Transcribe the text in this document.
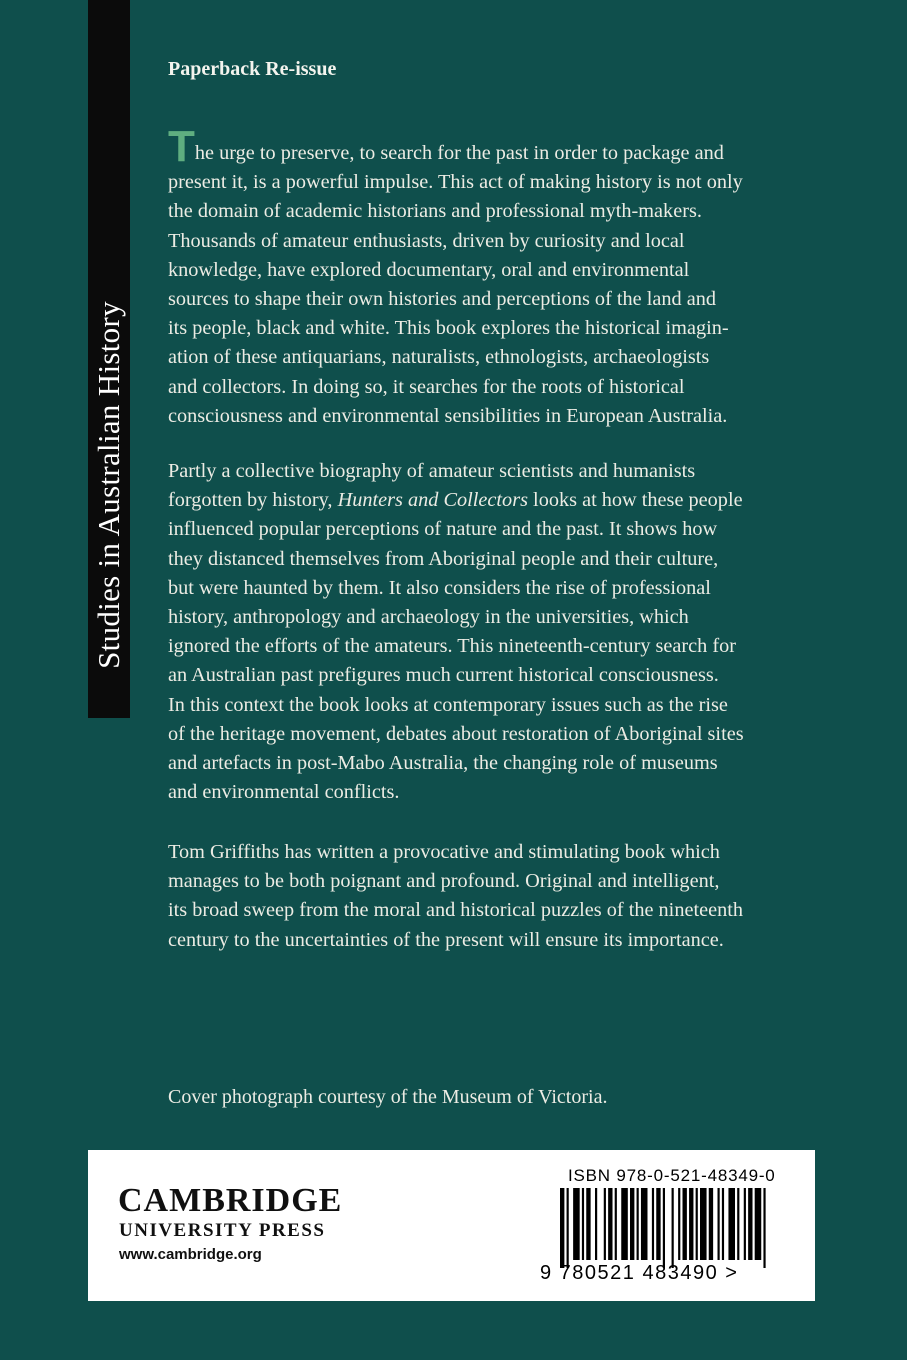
Studies in Australian History
Paperback Re-issue
The urge to preserve, to search for the past in order to package and
present it, is a powerful impulse. This act of making history is not only
the domain of academic historians and professional myth-makers.
Thousands of amateur enthusiasts, driven by curiosity and local
knowledge, have explored documentary, oral and environmental
sources to shape their own histories and perceptions of the land and
its people, black and white. This book explores the historical imagin-
ation of these antiquarians, naturalists, ethnologists, archaeologists
and collectors. In doing so, it searches for the roots of historical
consciousness and environmental sensibilities in European Australia.
Partly a collective biography of amateur scientists and humanists
forgotten by history, Hunters and Collectors looks at how these people
influenced popular perceptions of nature and the past. It shows how
they distanced themselves from Aboriginal people and their culture,
but were haunted by them. It also considers the rise of professional
history, anthropology and archaeology in the universities, which
ignored the efforts of the amateurs. This nineteenth-century search for
an Australian past prefigures much current historical consciousness.
In this context the book looks at contemporary issues such as the rise
of the heritage movement, debates about restoration of Aboriginal sites
and artefacts in post-Mabo Australia, the changing role of museums
and environmental conflicts.
Tom Griffiths has written a provocative and stimulating book which
manages to be both poignant and profound. Original and intelligent,
its broad sweep from the moral and historical puzzles of the nineteenth
century to the uncertainties of the present will ensure its importance.
Cover photograph courtesy of the Museum of Victoria.
CAMBRIDGE
UNIVERSITY PRESS
www.cambridge.org
ISBN 978-0-521-48349-0
9 780521 483490 >
